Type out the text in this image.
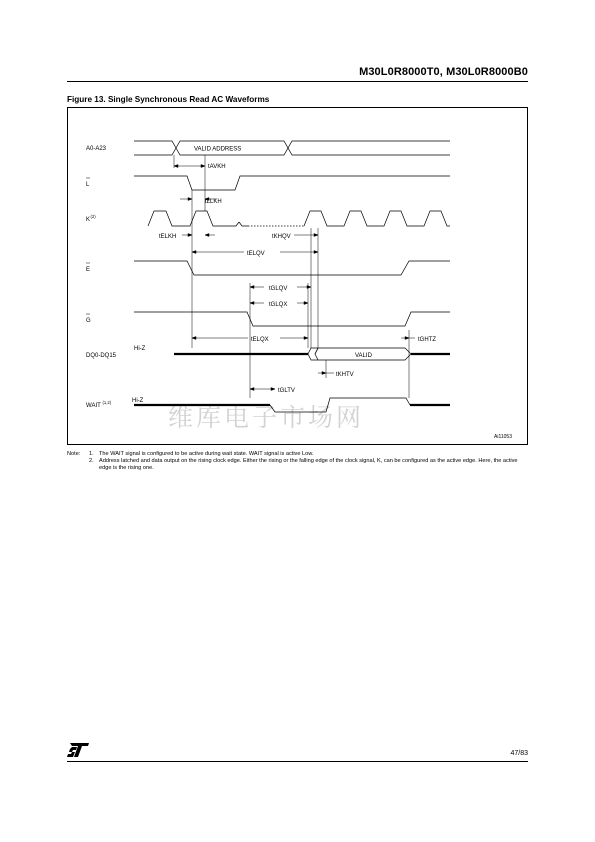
M30L0R8000T0, M30L0R8000B0
Figure 13. Single Synchronous Read AC Waveforms
维库电子市场网
A0-A23
L
K
(2)
E
G
DQ0-DQ15
WAIT
(1,2)
VALID ADDRESS
Hi-Z
VALID
Hi-Z
tAVKH
tLLKH
tELKH	tKHQV
tELQV
tGLQV
tGLQX
tELQX	tGHTZ
tKHTV
tGLTV
Ai11053
Note:	1. The WAIT signal is configured to be active during wait state. WAIT signal is active Low.
2. Address latched and data output on the rising clock edge. Either the rising or the falling edge of the clock signal, K, can be configured as the active edge. Here, the active edge is the rising one.
47/83
